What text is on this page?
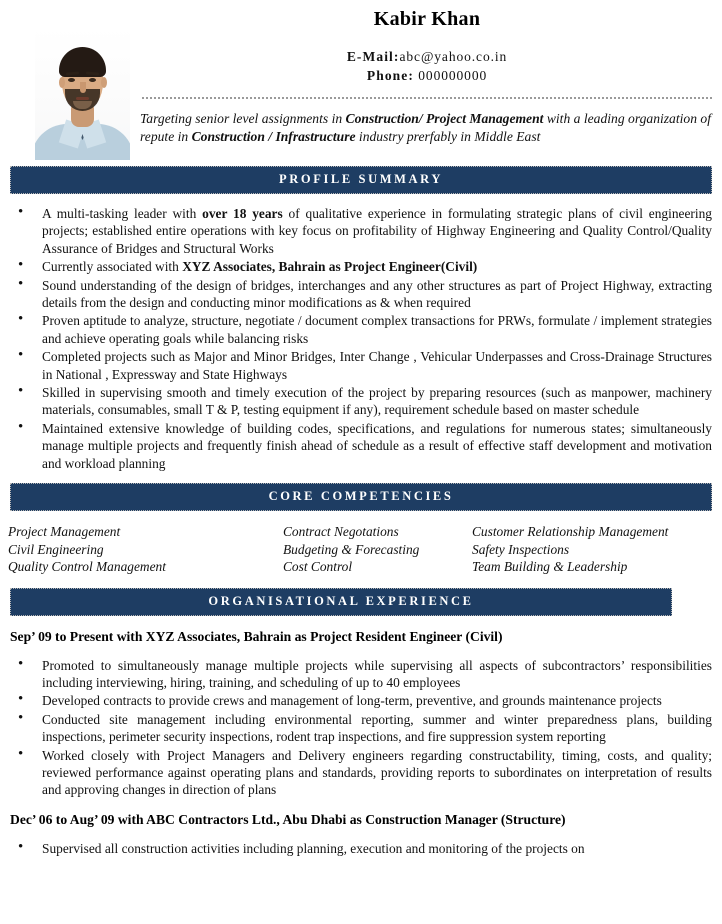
Kabir Khan
E-Mail:abc@yahoo.co.in
Phone: 000000000
Targeting senior level assignments in Construction/ Project Management with a leading organization of repute in Construction / Infrastructure industry prerfably in Middle East
PROFILE SUMMARY
• A multi-tasking leader with over 18 years of qualitative experience in formulating strategic plans of civil engineering projects; established entire operations with key focus on profitability of Highway Engineering and Quality Control/Quality Assurance of Bridges and Structural Works
• Currently associated with XYZ Associates, Bahrain as Project Engineer(Civil)
• Sound understanding of the design of bridges, interchanges and any other structures as part of Project Highway, extracting details from the design and conducting minor modifications as & when required
• Proven aptitude to analyze, structure, negotiate / document complex transactions for PRWs, formulate / implement strategies and achieve operating goals while balancing risks
• Completed projects such as Major and Minor Bridges, Inter Change , Vehicular Underpasses and Cross-Drainage Structures in National , Expressway and State Highways
• Skilled in supervising smooth and timely execution of the project by preparing resources (such as manpower, machinery materials, consumables, small T & P, testing equipment if any), requirement schedule based on master schedule
• Maintained extensive knowledge of building codes, specifications, and regulations for numerous states; simultaneously manage multiple projects and frequently finish ahead of schedule as a result of effective staff development and motivation and workload planning
CORE COMPETENCIES
Project Management
Civil Engineering
Quality Control Management
Contract Negotations
Budgeting & Forecasting
Cost Control
Customer Relationship Management
Safety Inspections
Team Building & Leadership
ORGANISATIONAL EXPERIENCE
Sep’ 09 to Present with XYZ Associates, Bahrain as Project Resident Engineer (Civil)
• Promoted to simultaneously manage multiple projects while supervising all aspects of subcontractors’ responsibilities including interviewing, hiring, training, and scheduling of up to 40 employees
• Developed contracts to provide crews and management of long-term, preventive, and grounds maintenance projects
• Conducted site management including environmental reporting, summer and winter preparedness plans, building inspections, perimeter security inspections, rodent trap inspections, and fire suppression system reporting
• Worked closely with Project Managers and Delivery engineers regarding constructability, timing, costs, and quality; reviewed performance against operating plans and standards, providing reports to subordinates on interpretation of results and approving changes in direction of plans
Dec’ 06 to Aug’ 09 with ABC Contractors Ltd., Abu Dhabi as Construction Manager (Structure)
• Supervised all construction activities including planning, execution and monitoring of the projects on
